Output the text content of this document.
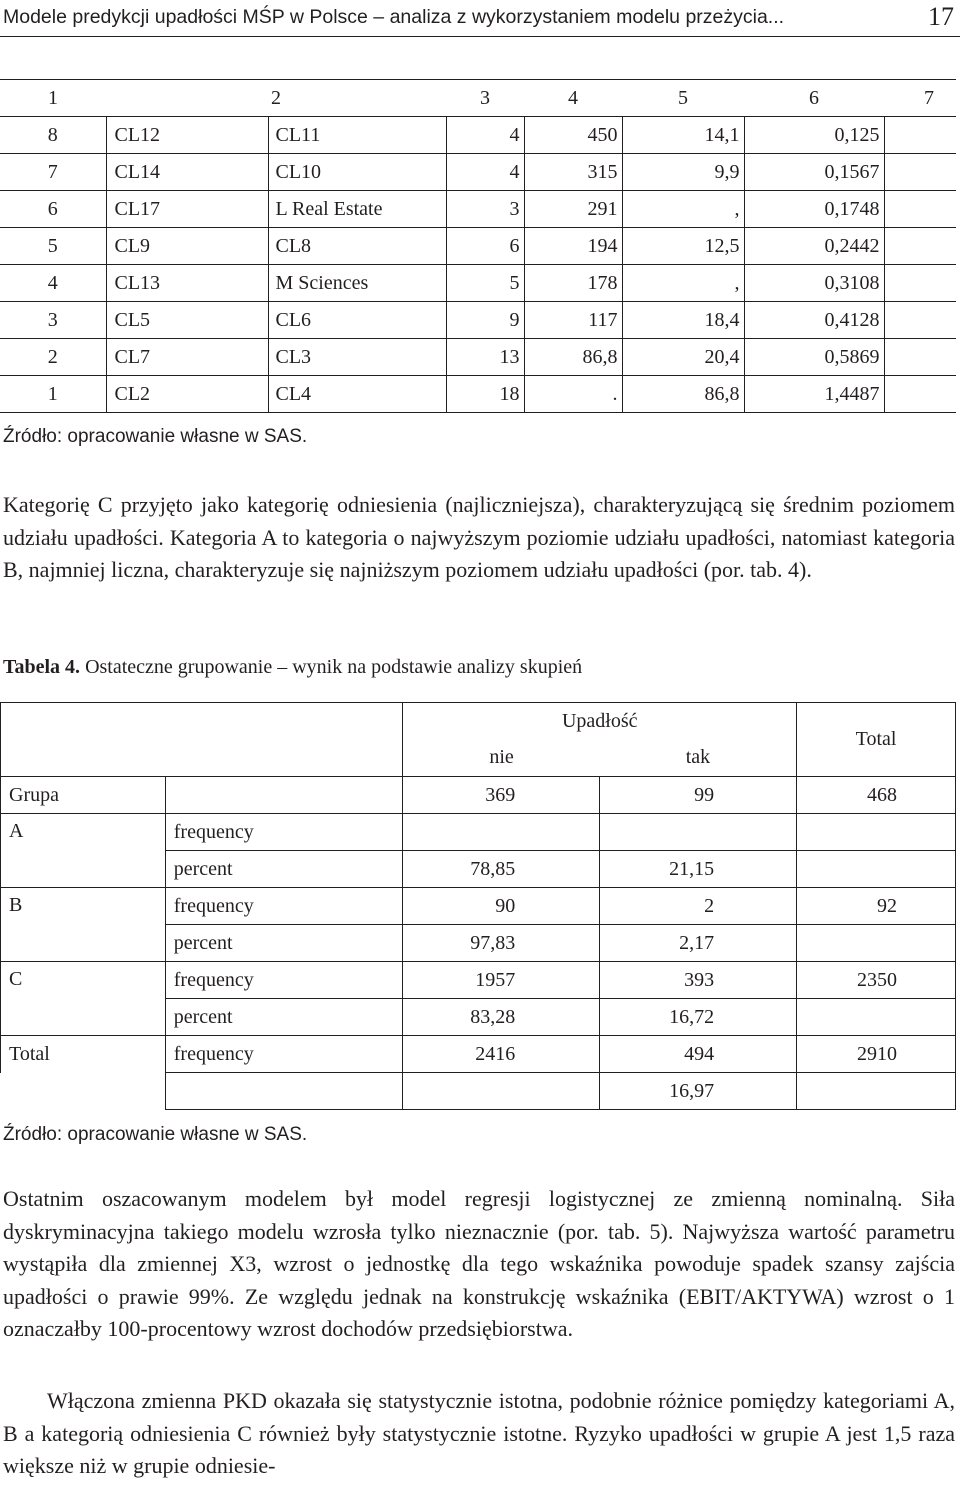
Modele predykcji upadłości MŚP w Polsce – analiza z wykorzystaniem modelu przeżycia...	17
1	2		3	4	5	6	7
8	CL12	CL11	4	450	14,1	0,125	
7	CL14	CL10	4	315	9,9	0,1567	
6	CL17	L Real Estate	3	291	,	0,1748	
5	CL9	CL8	6	194	12,5	0,2442	
4	CL13	M Sciences	5	178	,	0,3108	
3	CL5	CL6	9	117	18,4	0,4128	
2	CL7	CL3	13	86,8	20,4	0,5869	
1	CL2	CL4	18	.	86,8	1,4487	
Źródło: opracowanie własne w SAS.

Kategorię C przyjęto jako kategorię odniesienia (najliczniejsza), charakteryzującą się średnim poziomem udziału upadłości. Kategoria A to kategoria o najwyższym poziomie udziału upadłości, natomiast kategoria B, najmniej liczna, charakteryzuje się najniższym poziomem udziału upadłości (por. tab. 4).

Tabela 4. Ostateczne grupowanie – wynik na podstawie analizy skupień
		Upadłość		Total
		nie	tak	
Grupa		369	99	468
A	frequency			
	percent	78,85	21,15	
B	frequency	90	2	92
	percent	97,83	2,17	
C	frequency	1957	393	2350
	percent	83,28	16,72	
Total	frequency	2416	494	2910
			16,97	
Źródło: opracowanie własne w SAS.

Ostatnim oszacowanym modelem był model regresji logistycznej ze zmienną nominalną. Siła dyskryminacyjna takiego modelu wzrosła tylko nieznacznie (por. tab. 5). Najwyższa wartość parametru wystąpiła dla zmiennej X3, wzrost o jednostkę dla tego wskaźnika powoduje spadek szansy zajścia upadłości o prawie 99%. Ze względu jednak na konstrukcję wskaźnika (EBIT/AKTYWA) wzrost o 1 oznaczałby 100-procentowy wzrost dochodów przedsiębiorstwa.

Włączona zmienna PKD okazała się statystycznie istotna, podobnie różnice pomiędzy kategoriami A, B a kategorią odniesienia C również były statystycznie istotne. Ryzyko upadłości w grupie A jest 1,5 raza większe niż w grupie odniesie-
